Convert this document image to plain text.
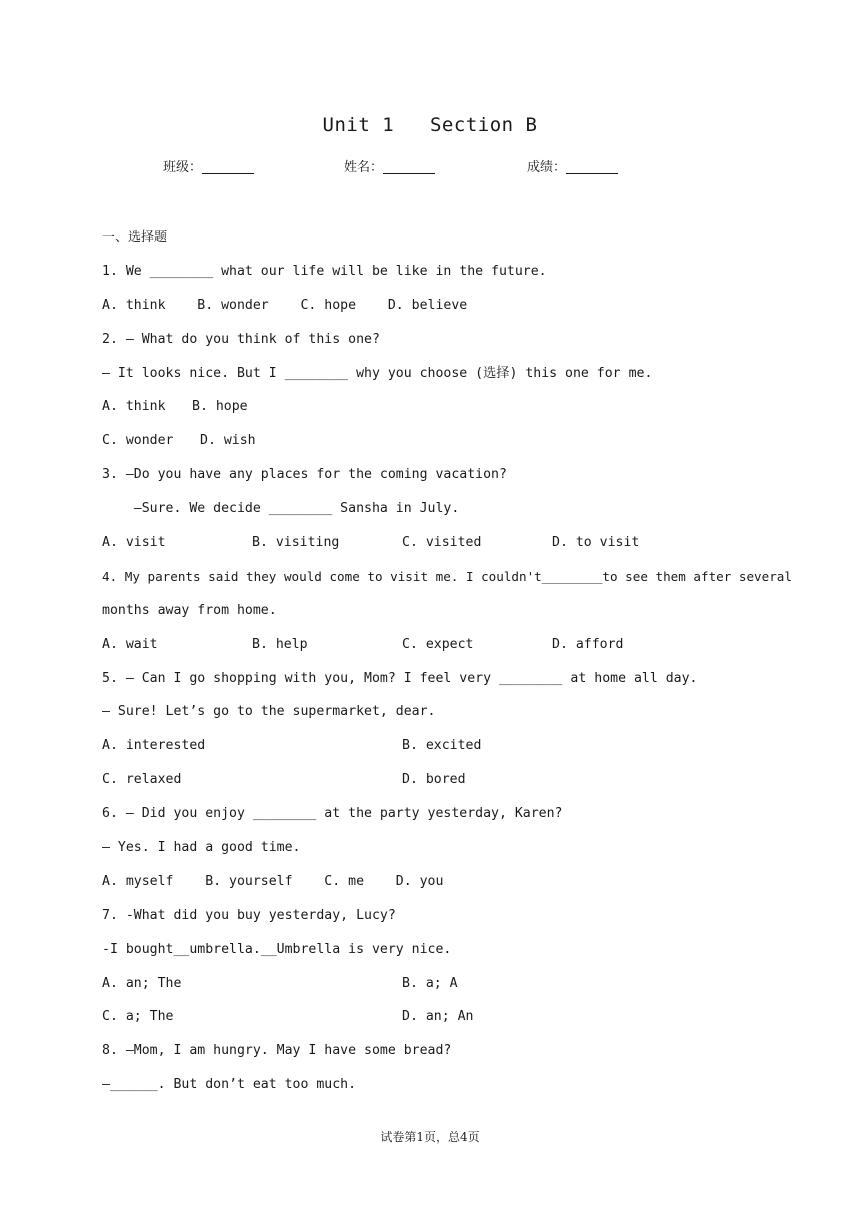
Unit 1   Section B
班级：	姓名：	成绩：
一、选择题
1. We ________ what our life will be like in the future.
A. think    B. wonder    C. hope    D. believe
2. — What do you think of this one?
— It looks nice. But I ________ why you choose (选择) this one for me.

A. think

B. hope

C. wonder

D. wish

3. —Do you have any places for the coming vacation?
—Sure. We decide ________ Sansha in July.

A. visit

	B. visiting

	C. visited

	D. to visit

4. My parents said they would come to visit me. I couldn't________to see them after several
months away from home.

A. wait

	B. help

	C. expect

	D. afford

5. — Can I go shopping with you, Mom? I feel very ________ at home all day.
— Sure! Let’s go to the supermarket, dear.

A. interested

	B. excited

C. relaxed

	D. bored

6. — Did you enjoy ________ at the party yesterday, Karen?
— Yes. I had a good time.
A. myself    B. yourself    C. me    D. you
7. -What did you buy yesterday, Lucy?
-I bought__umbrella.__Umbrella is very nice.

A. an; The

	B. a; A

C. a; The

	D. an; An

8. —Mom, I am hungry. May I have some bread?
—______. But don’t eat too much.
试卷第1页，总4页
